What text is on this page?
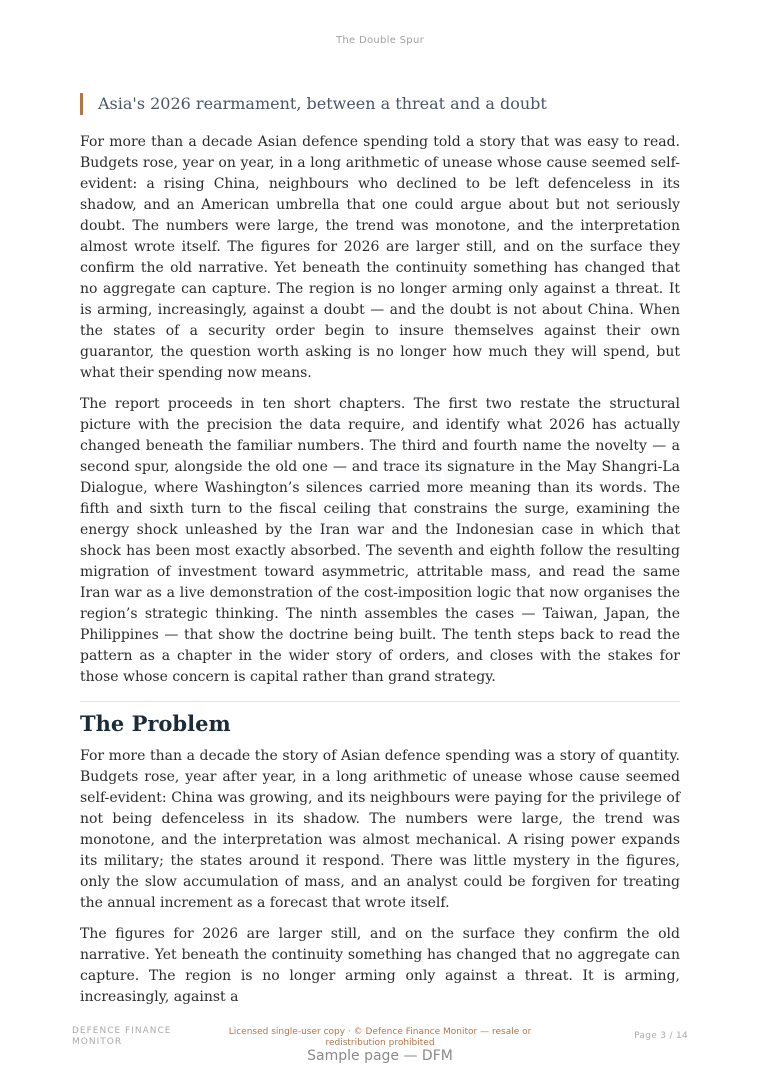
The Double Spur
DFM
Asia's 2026 rearmament, between a threat and a doubt

For more than a decade Asian defence spending told a story that was easy to read. Budgets rose, year on year, in a long arithmetic of unease whose cause seemed self-evident: a rising China, neighbours who declined to be left defenceless in its shadow, and an American umbrella that one could argue about but not seriously doubt. The numbers were large, the trend was monotone, and the interpretation almost wrote itself. The figures for 2026 are larger still, and on the surface they confirm the old narrative. Yet beneath the continuity something has changed that no aggregate can capture. The region is no longer arming only against a threat. It is arming, increasingly, against a doubt — and the doubt is not about China. When the states of a security order begin to insure themselves against their own guarantor, the question worth asking is no longer how much they will spend, but what their spending now means.

The report proceeds in ten short chapters. The first two restate the structural picture with the precision the data require, and identify what 2026 has actually changed beneath the familiar numbers. The third and fourth name the novelty — a second spur, alongside the old one — and trace its signature in the May Shangri-La Dialogue, where Washington’s silences carried more meaning than its words. The fifth and sixth turn to the fiscal ceiling that constrains the surge, examining the energy shock unleashed by the Iran war and the Indonesian case in which that shock has been most exactly absorbed. The seventh and eighth follow the resulting migration of investment toward asymmetric, attritable mass, and read the same Iran war as a live demonstration of the cost-imposition logic that now organises the region’s strategic thinking. The ninth assembles the cases — Taiwan, Japan, the Philippines — that show the doctrine being built. The tenth steps back to read the pattern as a chapter in the wider story of orders, and closes with the stakes for those whose concern is capital rather than grand strategy.

The Problem

For more than a decade the story of Asian defence spending was a story of quantity. Budgets rose, year after year, in a long arithmetic of unease whose cause seemed self-evident: China was growing, and its neighbours were paying for the privilege of not being defenceless in its shadow. The numbers were large, the trend was monotone, and the interpretation was almost mechanical. A rising power expands its military; the states around it respond. There was little mystery in the figures, only the slow accumulation of mass, and an analyst could be forgiven for treating the annual increment as a forecast that wrote itself.

The figures for 2026 are larger still, and on the surface they confirm the old narrative. Yet beneath the continuity something has changed that no aggregate can capture. The region is no longer arming only against a threat. It is arming, increasingly, against a

DEFENCE FINANCE
MONITOR
Licensed single-user copy · © Defence Finance Monitor — resale or redistribution prohibited
Page 3 / 14
Sample page — DFM
